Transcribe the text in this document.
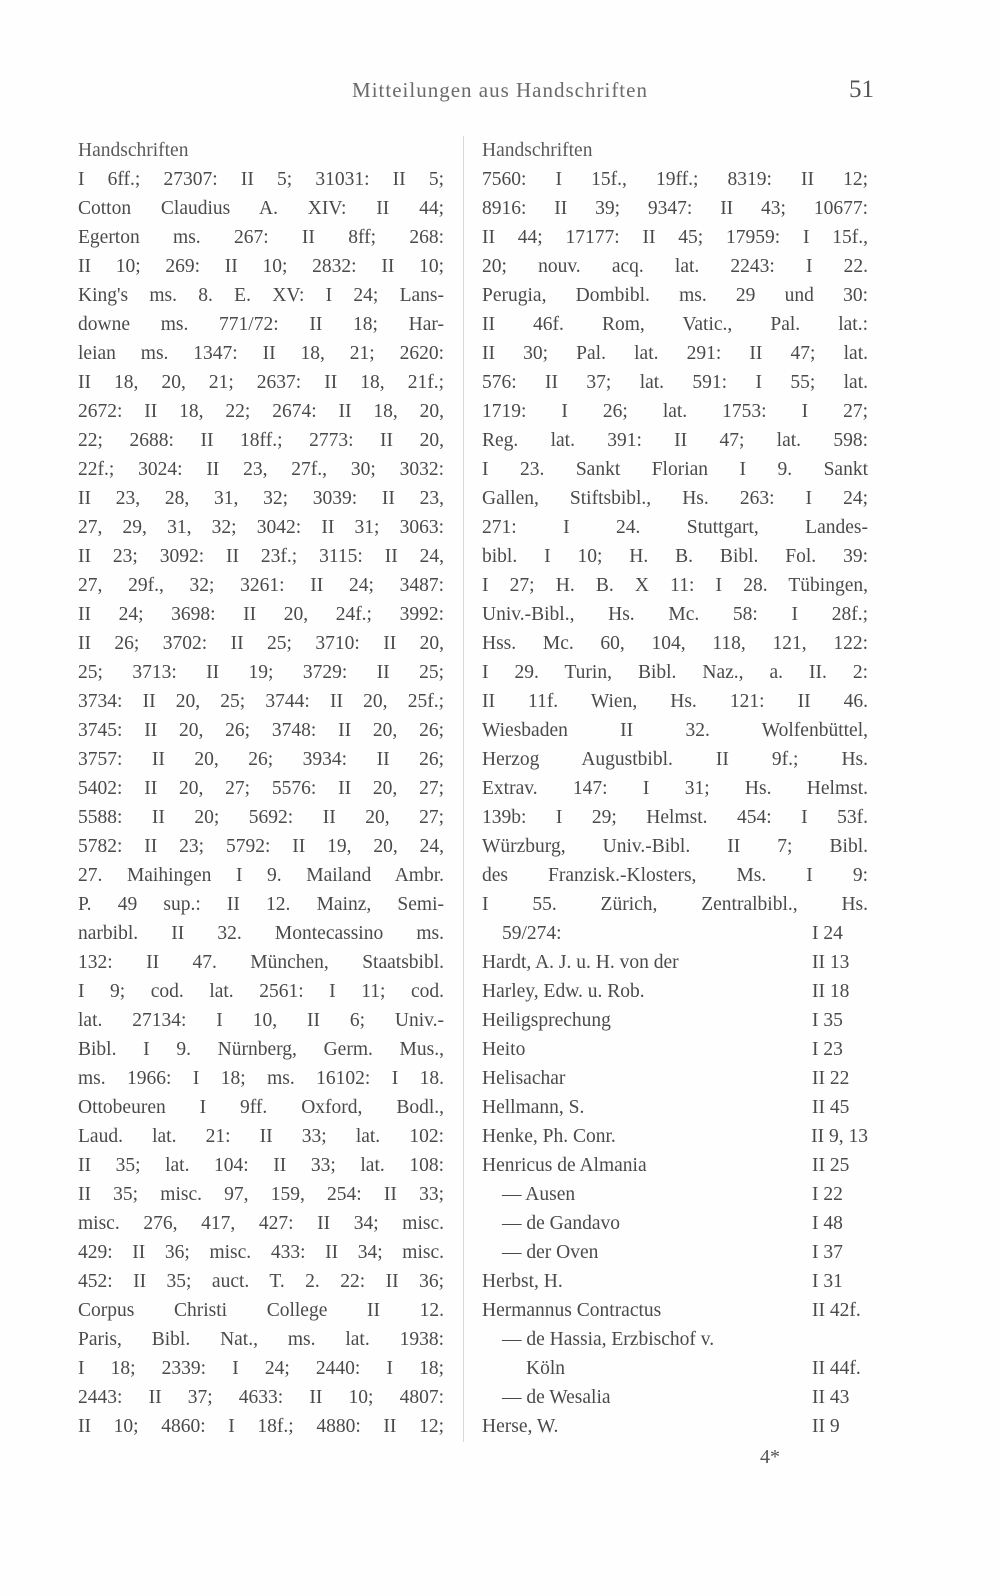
Mitteilungen aus Handschriften	51
Handschriften
I 6ff.; 27307: II 5; 31031: II 5;
Cotton Claudius A. XIV: II 44;
Egerton ms. 267: II 8ff; 268:
II 10; 269: II 10; 2832: II 10;
King's ms. 8. E. XV: I 24; Lans-
downe ms. 771/72: II 18; Har-
leian ms. 1347: II 18, 21; 2620:
II 18, 20, 21; 2637: II 18, 21f.;
2672: II 18, 22; 2674: II 18, 20,
22; 2688: II 18ff.; 2773: II 20,
22f.; 3024: II 23, 27f., 30; 3032:
II 23, 28, 31, 32; 3039: II 23,
27, 29, 31, 32; 3042: II 31; 3063:
II 23; 3092: II 23f.; 3115: II 24,
27, 29f., 32; 3261: II 24; 3487:
II 24; 3698: II 20, 24f.; 3992:
II 26; 3702: II 25; 3710: II 20,
25; 3713: II 19; 3729: II 25;
3734: II 20, 25; 3744: II 20, 25f.;
3745: II 20, 26; 3748: II 20, 26;
3757: II 20, 26; 3934: II 26;
5402: II 20, 27; 5576: II 20, 27;
5588: II 20; 5692: II 20, 27;
5782: II 23; 5792: II 19, 20, 24,
27. Maihingen I 9. Mailand Ambr.
P. 49 sup.: II 12. Mainz, Semi-
narbibl. II 32. Montecassino ms.
132: II 47. München, Staatsbibl.
I 9; cod. lat. 2561: I 11; cod.
lat. 27134: I 10, II 6; Univ.-
Bibl. I 9. Nürnberg, Germ. Mus.,
ms. 1966: I 18; ms. 16102: I 18.
Ottobeuren I 9ff. Oxford, Bodl.,
Laud. lat. 21: II 33; lat. 102:
II 35; lat. 104: II 33; lat. 108:
II 35; misc. 97, 159, 254: II 33;
misc. 276, 417, 427: II 34; misc.
429: II 36; misc. 433: II 34; misc.
452: II 35; auct. T. 2. 22: II 36;
Corpus Christi College II 12.
Paris, Bibl. Nat., ms. lat. 1938:
I 18; 2339: I 24; 2440: I 18;
2443: II 37; 4633: II 10; 4807:
II 10; 4860: I 18f.; 4880: II 12;
Handschriften
7560: I 15f., 19ff.; 8319: II 12;
8916: II 39; 9347: II 43; 10677:
II 44; 17177: II 45; 17959: I 15f.,
20; nouv. acq. lat. 2243: I 22.
Perugia, Dombibl. ms. 29 und 30:
II 46f. Rom, Vatic., Pal. lat.:
II 30; Pal. lat. 291: II 47; lat.
576: II 37; lat. 591: I 55; lat.
1719: I 26; lat. 1753: I 27;
Reg. lat. 391: II 47; lat. 598:
I 23. Sankt Florian I 9. Sankt
Gallen, Stiftsbibl., Hs. 263: I 24;
271: I 24. Stuttgart, Landes-
bibl. I 10; H. B. Bibl. Fol. 39:
I 27; H. B. X 11: I 28. Tübingen,
Univ.-Bibl., Hs. Mc. 58: I 28f.;
Hss. Mc. 60, 104, 118, 121, 122:
I 29. Turin, Bibl. Naz., a. II. 2:
II 11f. Wien, Hs. 121: II 46.
Wiesbaden II 32. Wolfenbüttel,
Herzog Augustbibl. II 9f.; Hs.
Extrav. 147: I 31; Hs. Helmst.
139b: I 29; Helmst. 454: I 53f.
Würzburg, Univ.-Bibl. II 7; Bibl.
des Franzisk.-Klosters, Ms. I 9:
I 55. Zürich, Zentralbibl., Hs.
59/274:	I 24
Hardt, A. J. u. H. von der	II 13
Harley, Edw. u. Rob.	II 18
Heiligsprechung	I 35
Heito	I 23
Helisachar	II 22
Hellmann, S.	II 45
Henke, Ph. Conr.	II 9, 13
Henricus de Almania	II 25
— Ausen	I 22
— de Gandavo	I 48
— der Oven	I 37
Herbst, H.	I 31
Hermannus Contractus	II 42f.
— de Hassia, Erzbischof v.
Köln	II 44f.
— de Wesalia	II 43
Herse, W.	II 9
4*
